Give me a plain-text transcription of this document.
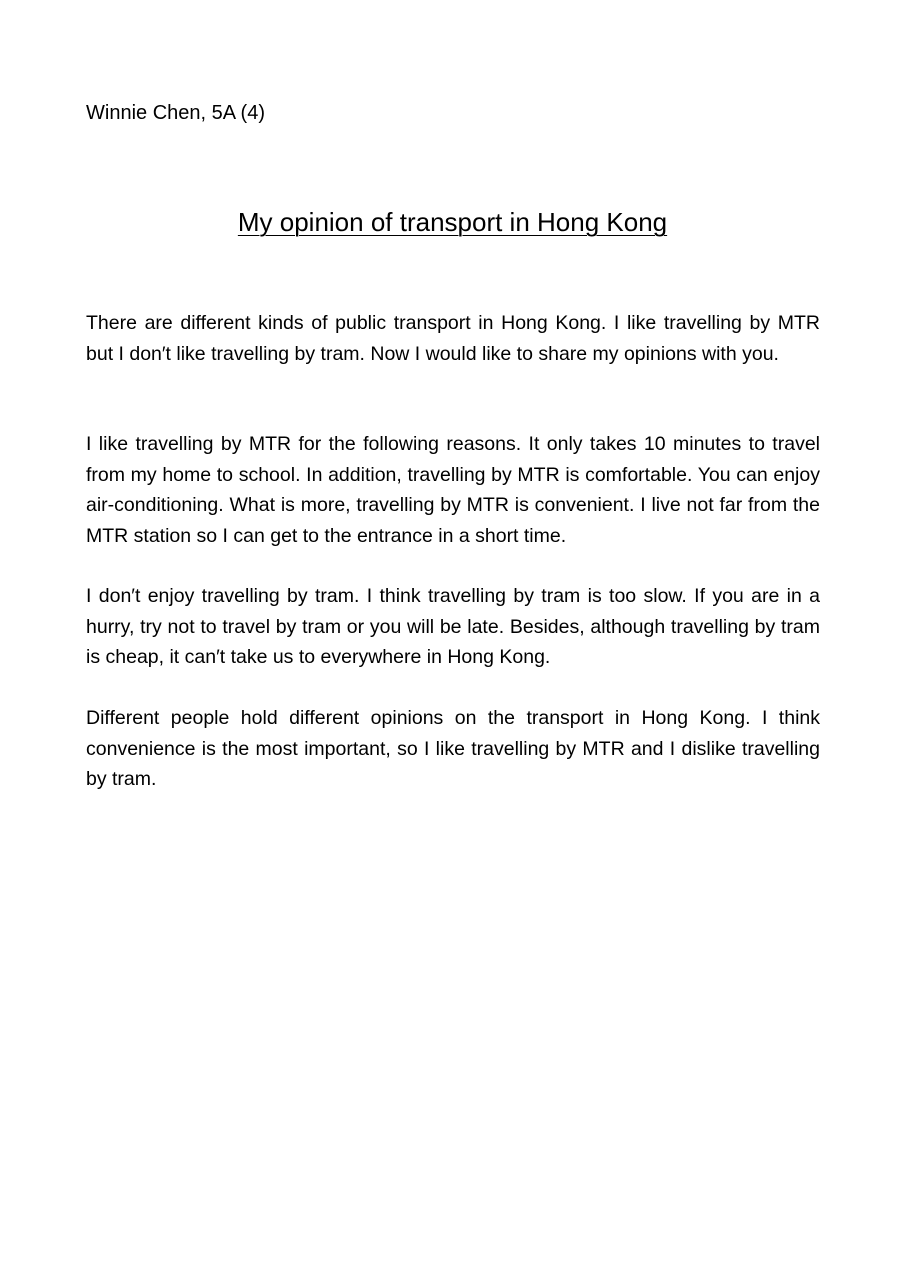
Winnie Chen, 5A (4)
My opinion of transport in Hong Kong

There are different kinds of public transport in Hong Kong. I like travelling by MTR but I don′t like travelling by tram. Now I would like to share my opinions with you.

I like travelling by MTR for the following reasons. It only takes 10 minutes to travel from my home to school. In addition, travelling by MTR is comfortable. You can enjoy air-conditioning. What is more, travelling by MTR is convenient. I live not far from the MTR station so I can get to the entrance in a short time.

I don′t enjoy travelling by tram. I think travelling by tram is too slow. If you are in a hurry, try not to travel by tram or you will be late. Besides, although travelling by tram is cheap, it can′t take us to everywhere in Hong Kong.

Different people hold different opinions on the transport in Hong Kong. I think convenience is the most important, so I like travelling by MTR and I dislike travelling by tram.
